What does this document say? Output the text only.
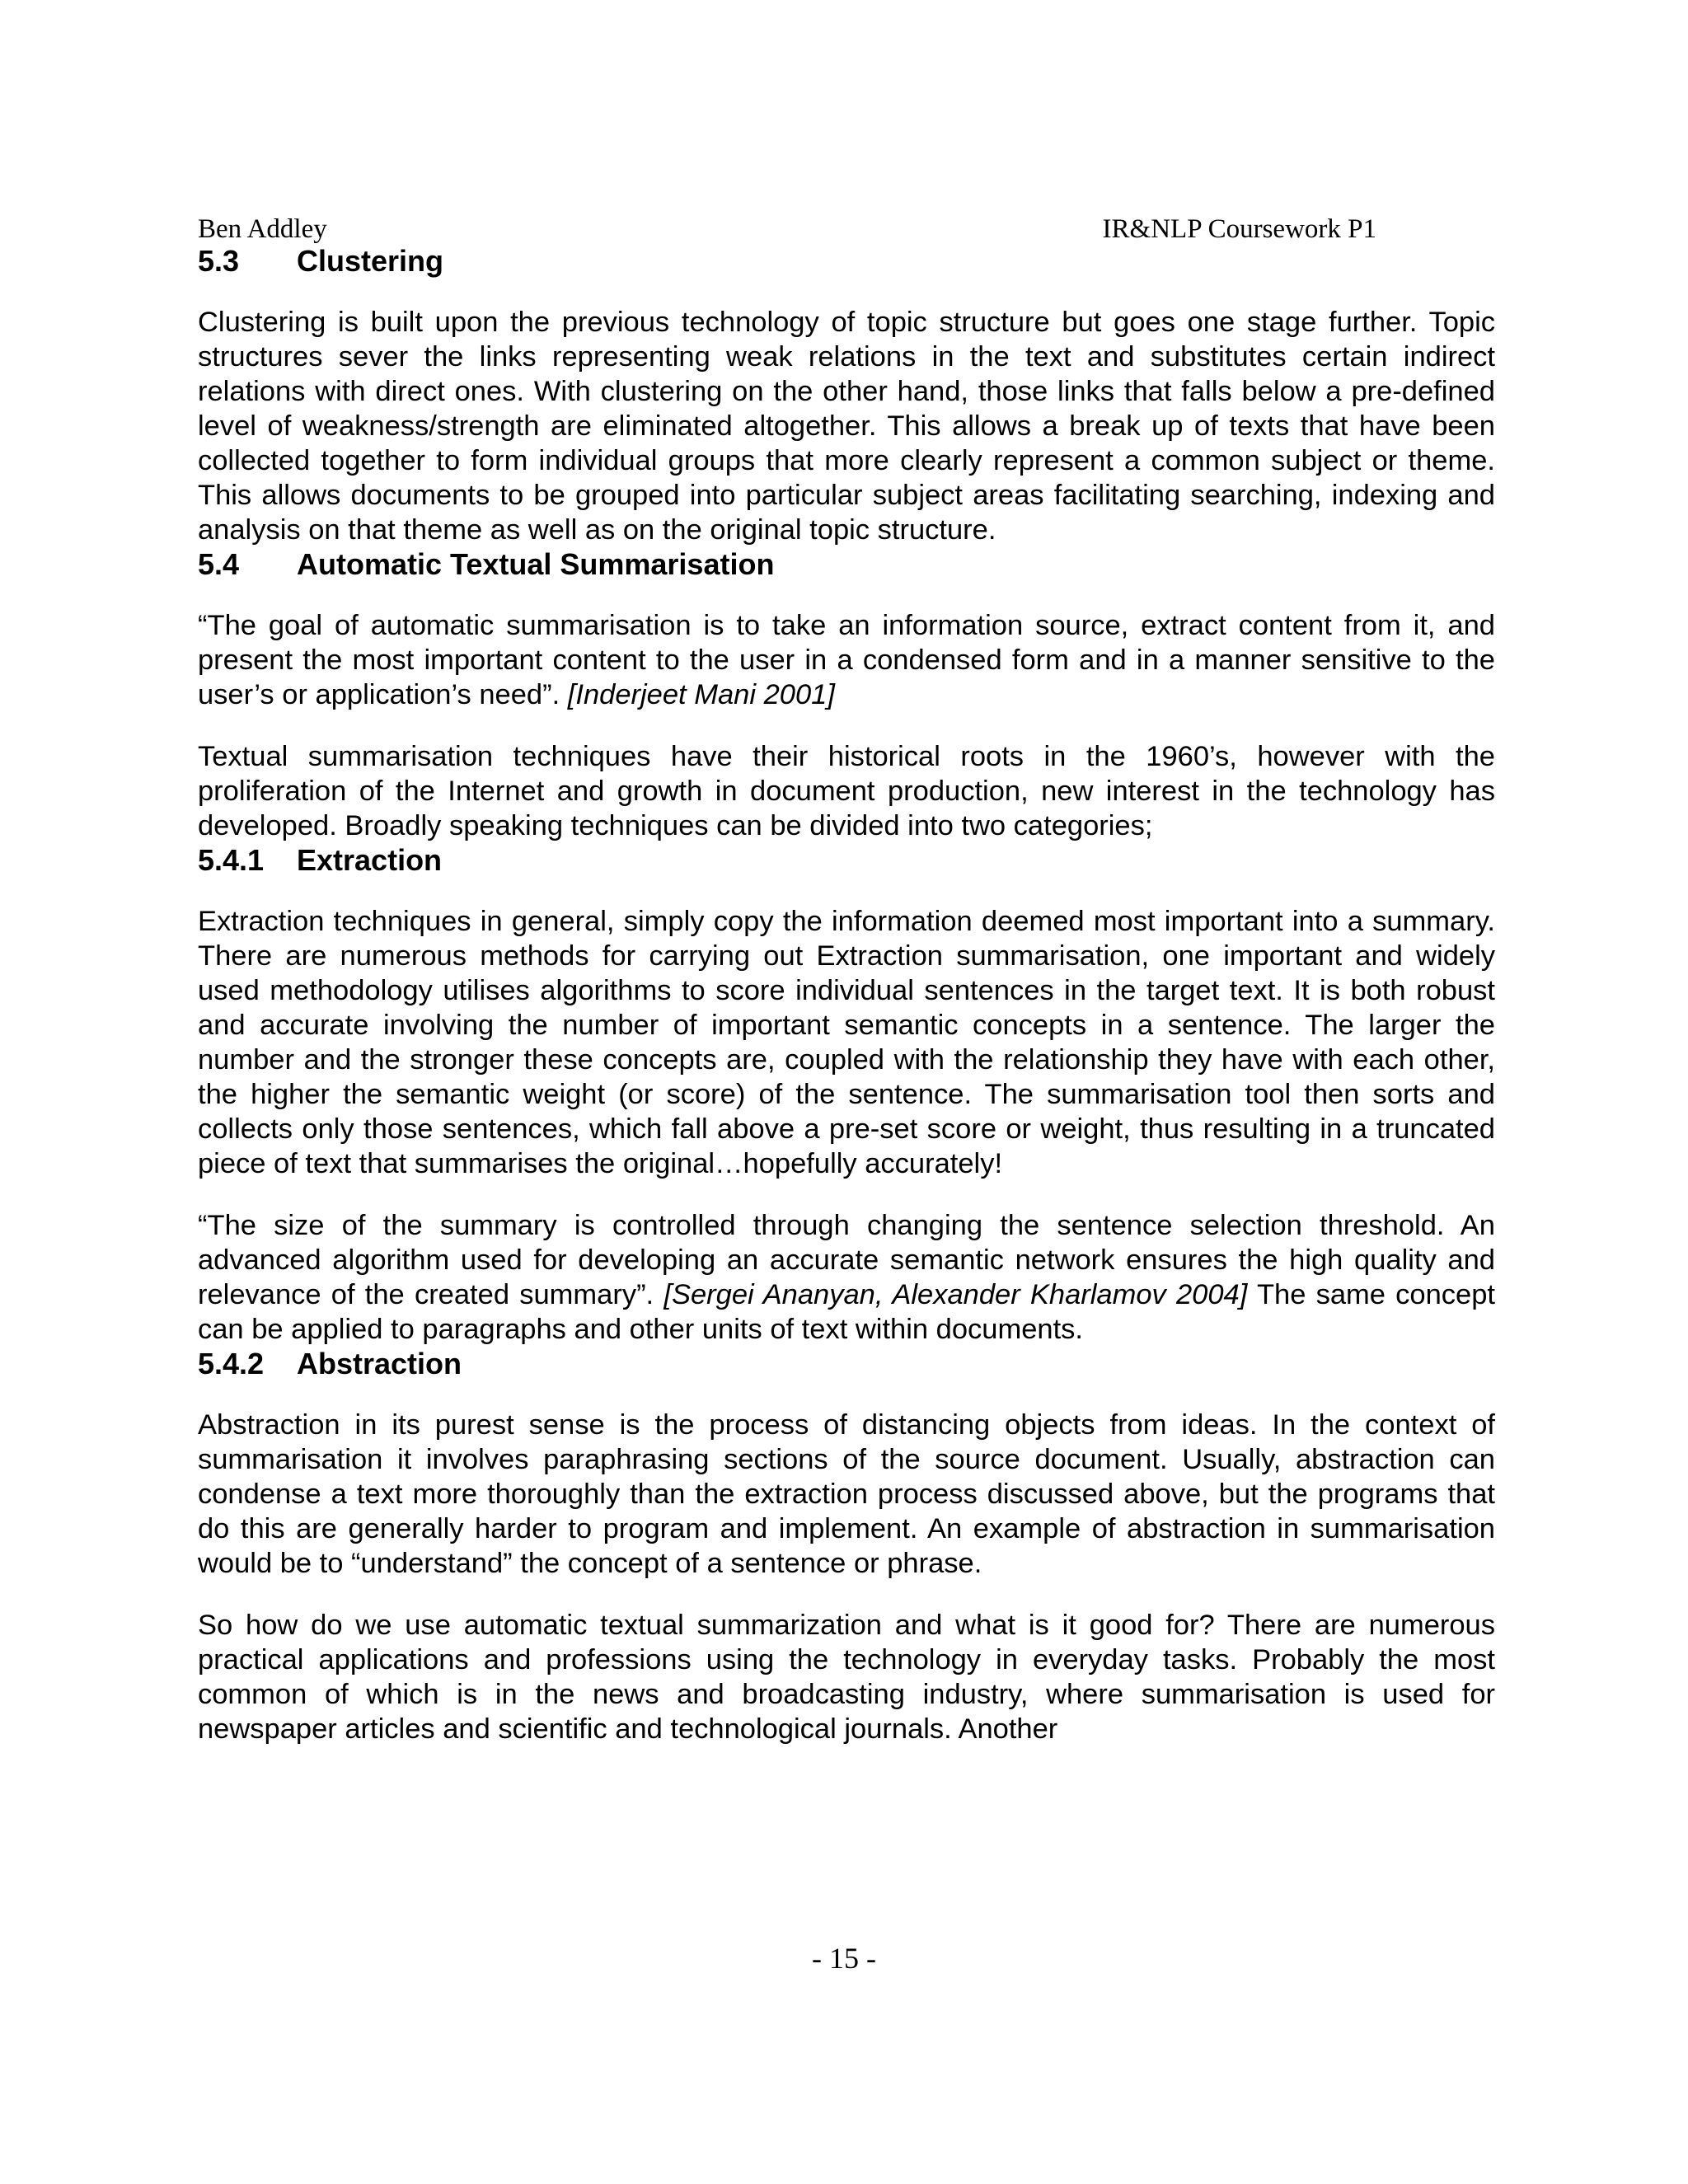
Ben Addley	IR&NLP Coursework P1
5.3	Clustering

Clustering is built upon the previous technology of topic structure but goes one stage further. Topic structures sever the links representing weak relations in the text and substitutes certain indirect relations with direct ones. With clustering on the other hand, those links that falls below a pre-defined level of weakness/strength are eliminated altogether. This allows a break up of texts that have been collected together to form individual groups that more clearly represent a common subject or theme. This allows documents to be grouped into particular subject areas facilitating searching, indexing and analysis on that theme as well as on the original topic structure.

5.4	Automatic Textual Summarisation

“The goal of automatic summarisation is to take an information source, extract content from it, and present the most important content to the user in a condensed form and in a manner sensitive to the user’s or application’s need”. [Inderjeet Mani 2001]

Textual summarisation techniques have their historical roots in the 1960’s, however with the proliferation of the Internet and growth in document production, new interest in the technology has developed. Broadly speaking techniques can be divided into two categories;

5.4.1	Extraction

Extraction techniques in general, simply copy the information deemed most important into a summary. There are numerous methods for carrying out Extraction summarisation, one important and widely used methodology utilises algorithms to score individual sentences in the target text. It is both robust and accurate involving the number of important semantic concepts in a sentence. The larger the number and the stronger these concepts are, coupled with the relationship they have with each other, the higher the semantic weight (or score) of the sentence. The summarisation tool then sorts and collects only those sentences, which fall above a pre-set score or weight, thus resulting in a truncated piece of text that summarises the original…hopefully accurately!

“The size of the summary is controlled through changing the sentence selection threshold. An advanced algorithm used for developing an accurate semantic network ensures the high quality and relevance of the created summary”. [Sergei Ananyan, Alexander Kharlamov 2004] The same concept can be applied to paragraphs and other units of text within documents.

5.4.2	Abstraction

Abstraction in its purest sense is the process of distancing objects from ideas. In the context of summarisation it involves paraphrasing sections of the source document. Usually, abstraction can condense a text more thoroughly than the extraction process discussed above, but the programs that do this are generally harder to program and implement. An example of abstraction in summarisation would be to “understand” the concept of a sentence or phrase.

So how do we use automatic textual summarization and what is it good for? There are numerous practical applications and professions using the technology in everyday tasks. Probably the most common of which is in the news and broadcasting industry, where summarisation is used for newspaper articles and scientific and technological journals. Another

- 15 -
